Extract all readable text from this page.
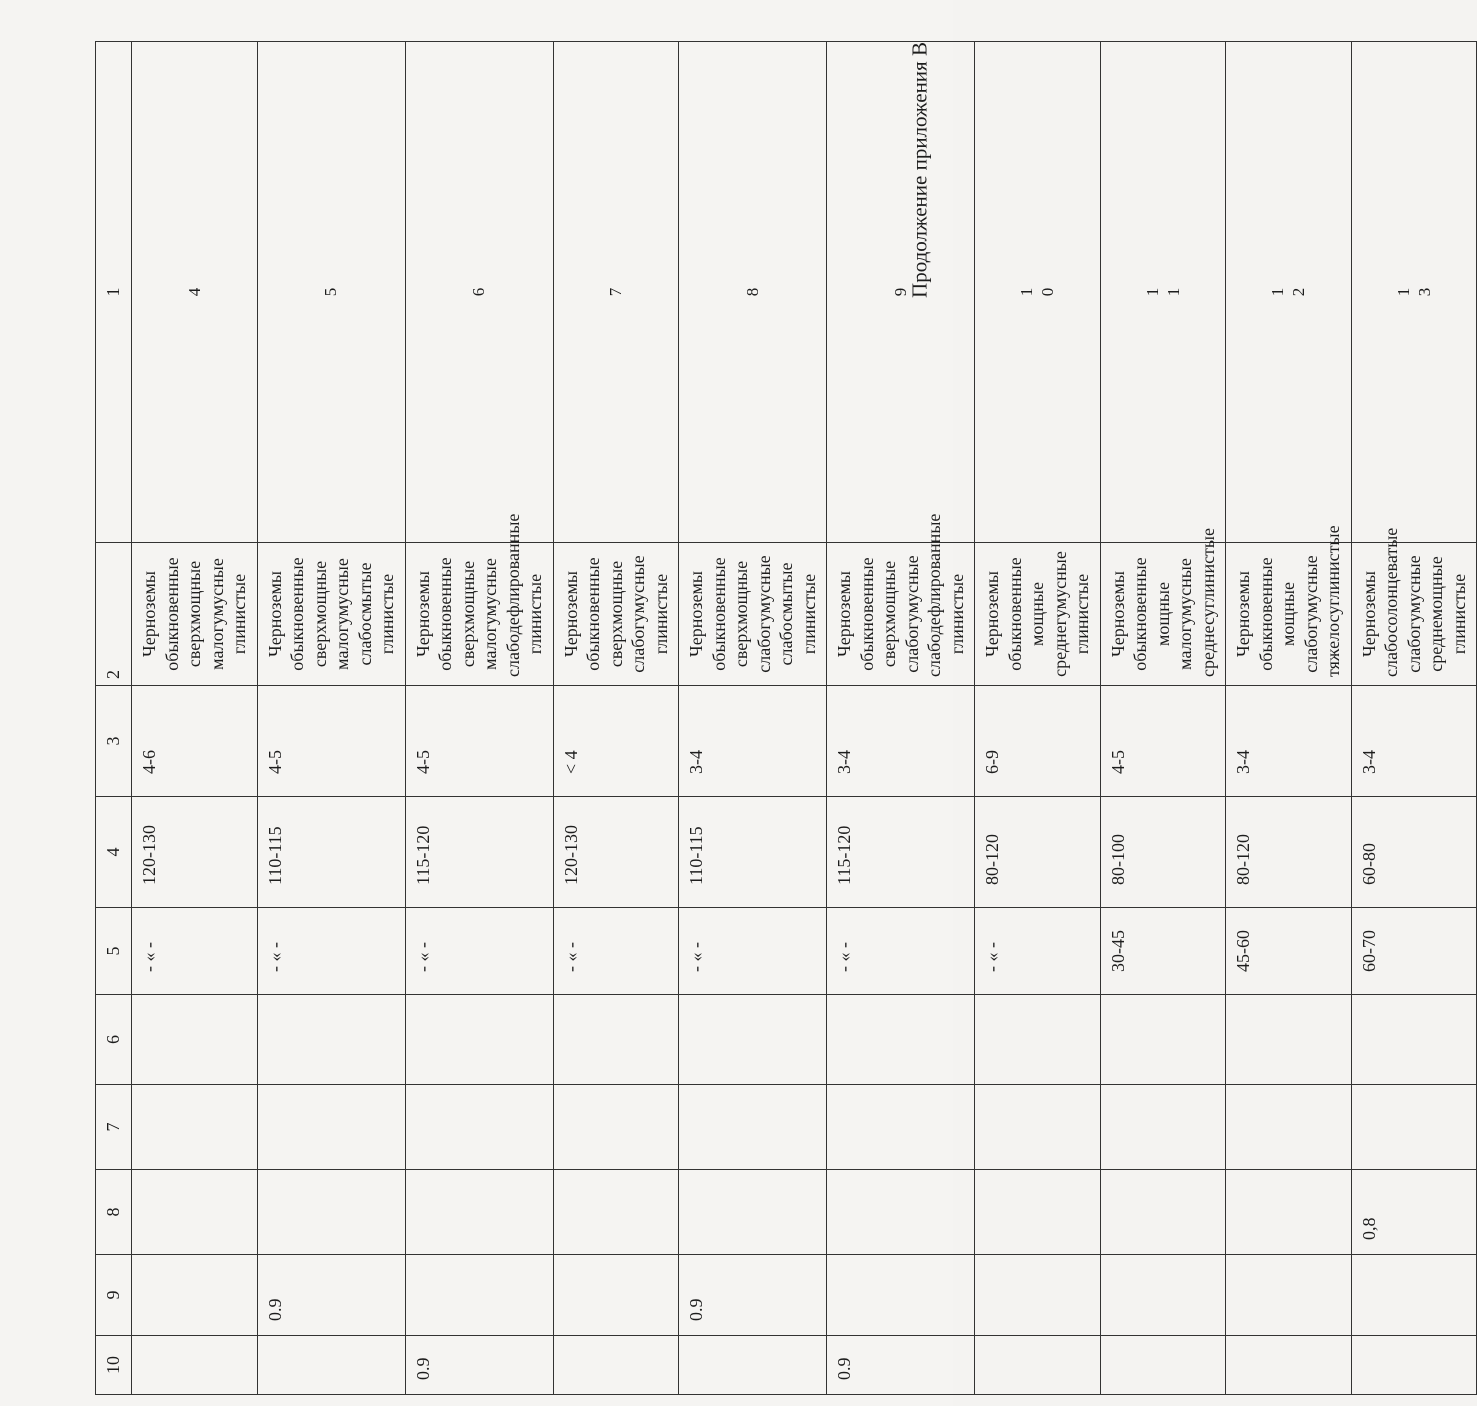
Продолжение приложения В
10	9	8	7	6	5	4	3	2	1
					- « -	120-130	4-6	Черноземы обыкновенные сверхмощные малогумусные глинистые	4
	0.9				- « -	110-115	4-5	Черноземы обыкновенные сверхмощные малогумусные слабосмытые глинистые	5
0.9					- « -	115-120	4-5	Черноземы обыкновенные сверхмощные малогумусные слабодефлированные глинистые	6
					- « -	120-130	< 4	Черноземы обыкновенные сверхмощные слабогумусные глинистые	7
	0.9				- « -	110-115	3-4	Черноземы обыкновенные сверхмощные слабогумусные слабосмытые глинистые	8
0.9					- « -	115-120	3-4	Черноземы обыкновенные сверхмощные слабогумусные слабодефлированные глинистые	9
					- « -	80-120	6-9	Черноземы обыкновенные мощные среднегумусные глинистые	1 0

					30-45	80-100	4-5	Черноземы обыкновенные мощные малогумусные среднесуглинистые	1 1

					45-60	80-120	3-4	Черноземы обыкновенные мощные слабогумусные тяжелосуглинистые	1 2

		0,8			60-70	60-80	3-4	Черноземы слабосолонцеватые слабогумусные среднемощные глинистые	1 3
